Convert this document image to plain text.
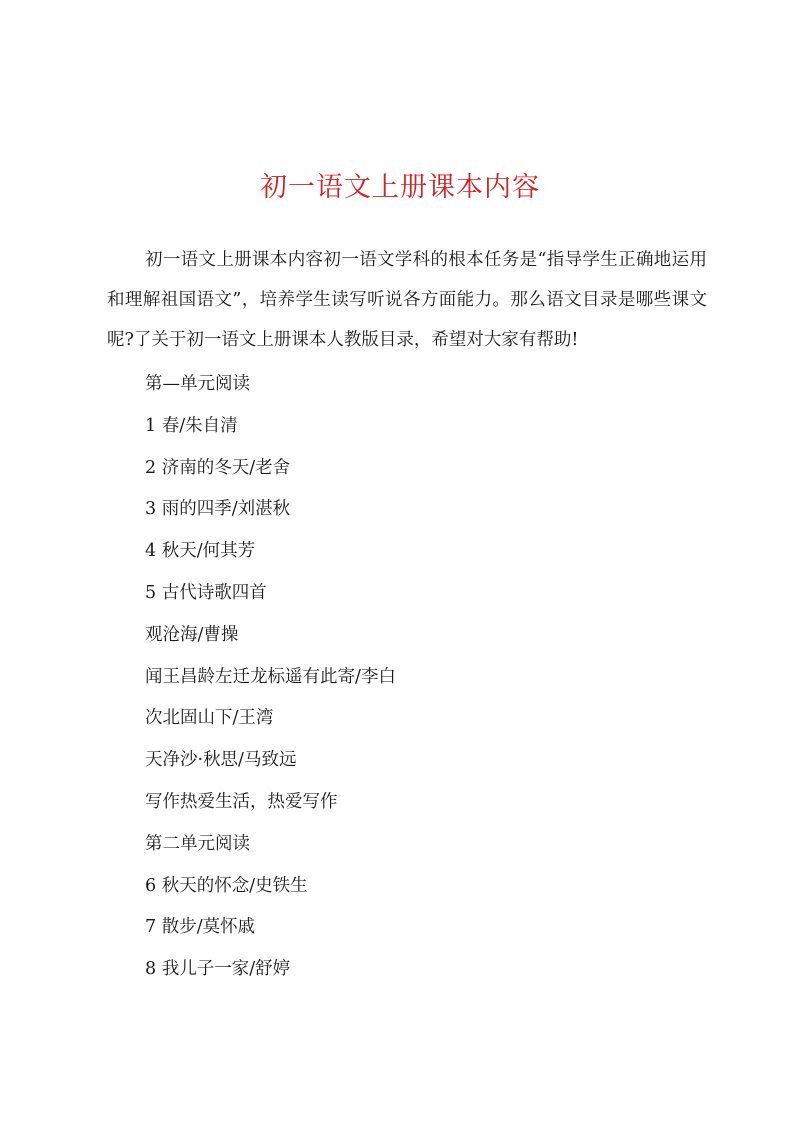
初一语文上册课本内容

初一语文上册课本内容初一语文学科的根本任务是“指导学生正确地运用和理解祖国语文”，培养学生读写听说各方面能力。那么语文目录是哪些课文呢?了关于初一语文上册课本人教版目录，希望对大家有帮助!

第—单元阅读
1 春/朱自清
2 济南的冬天/老舍
3 雨的四季/刘湛秋
4 秋天/何其芳
5 古代诗歌四首
观沧海/曹操
闻王昌龄左迁龙标遥有此寄/李白
次北固山下/王湾
天净沙·秋思/马致远
写作热爱生活，热爱写作
第二单元阅读
6 秋天的怀念/史铁生
7 散步/莫怀戚
8 我儿子一家/舒婷
